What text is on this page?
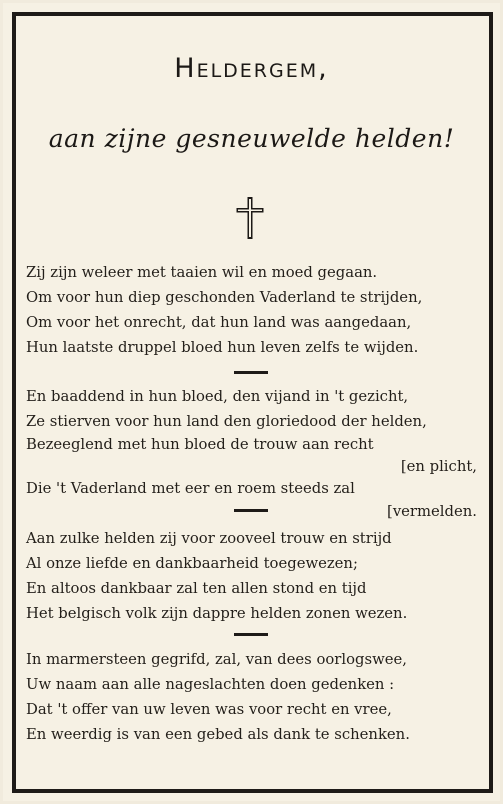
Heldergem,
aan zijne gesneuwelde helden!
Zij zijn weleer met taaien wil en moed gegaan.
Om voor hun diep geschonden Vaderland te strijden,
Om voor het onrecht, dat hun land was aangedaan,
Hun laatste druppel bloed hun leven zelfs te wijden.
En baaddend in hun bloed, den vijand in 't gezicht,
Ze stierven voor hun land den gloriedood der helden,
Bezeeglend met hun bloed de trouw aan recht
[en plicht,
Die 't Vaderland met eer en roem steeds zal
[vermelden.
Aan zulke helden zij voor zooveel trouw en strijd
Al onze liefde en dankbaarheid toegewezen;
En altoos dankbaar zal ten allen stond en tijd
Het belgisch volk zijn dappre helden zonen wezen.
In marmersteen gegrifd, zal, van dees oorlogswee,
Uw naam aan alle nageslachten doen gedenken :
Dat 't offer van uw leven was voor recht en vree,
En weerdig is van een gebed als dank te schenken.
